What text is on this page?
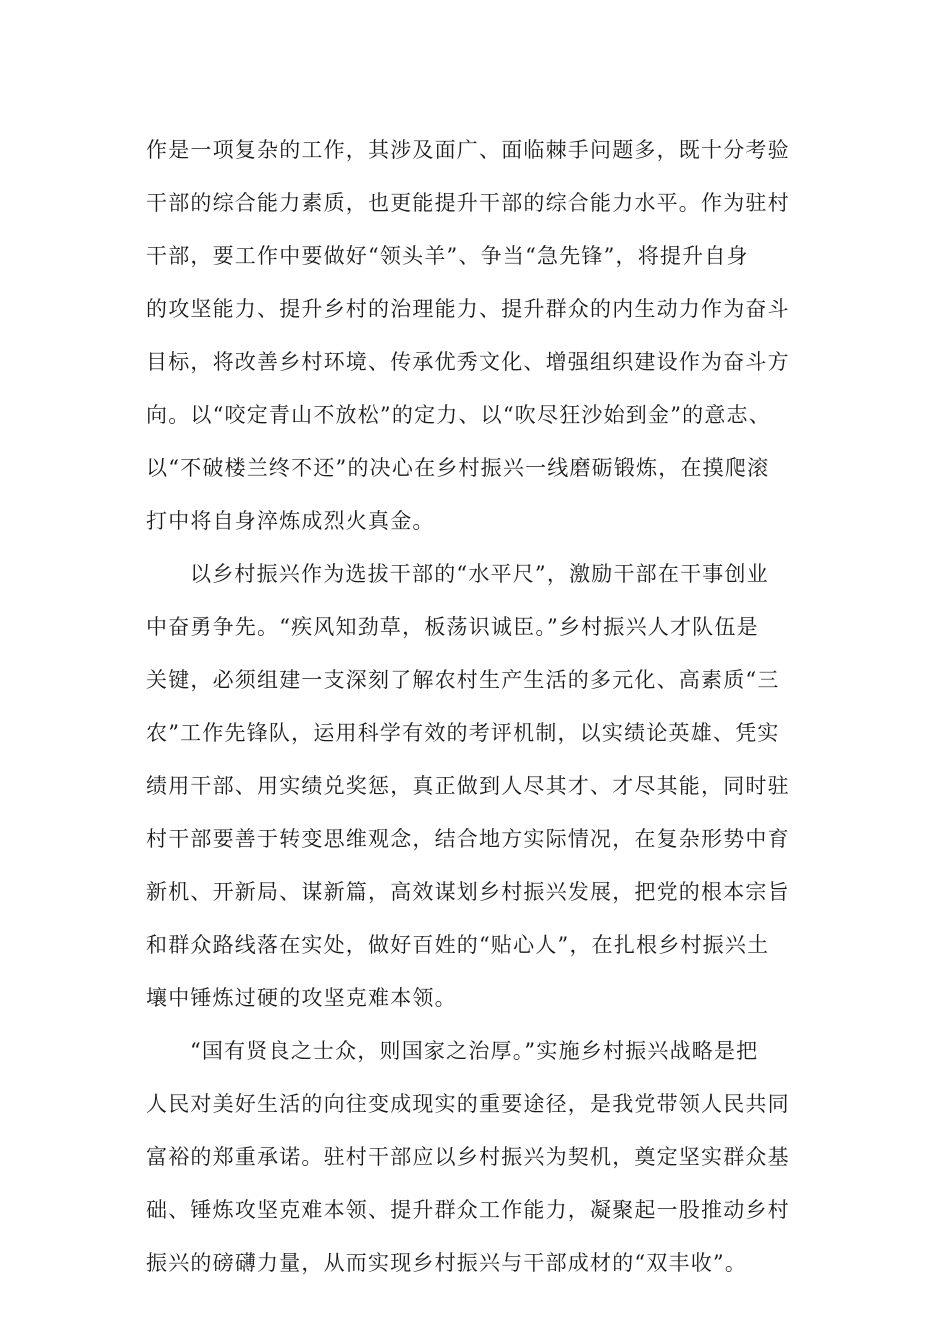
作是一项复杂的工作，其涉及面广、面临棘手问题多，既十分考验
干部的综合能力素质，也更能提升干部的综合能力水平。作为驻村
干部，要工作中要做好“领头羊”、争当“急先锋”，将提升自身
的攻坚能力、提升乡村的治理能力、提升群众的内生动力作为奋斗
目标，将改善乡村环境、传承优秀文化、增强组织建设作为奋斗方
向。以“咬定青山不放松”的定力、以“吹尽狂沙始到金”的意志、
以“不破楼兰终不还”的决心在乡村振兴一线磨砺锻炼，在摸爬滚
打中将自身淬炼成烈火真金。
以乡村振兴作为选拔干部的“水平尺”，激励干部在干事创业
中奋勇争先。“疾风知劲草，板荡识诚臣。”乡村振兴人才队伍是
关键，必须组建一支深刻了解农村生产生活的多元化、高素质“三
农”工作先锋队，运用科学有效的考评机制，以实绩论英雄、凭实
绩用干部、用实绩兑奖惩，真正做到人尽其才、才尽其能，同时驻
村干部要善于转变思维观念，结合地方实际情况，在复杂形势中育
新机、开新局、谋新篇，高效谋划乡村振兴发展，把党的根本宗旨
和群众路线落在实处，做好百姓的“贴心人”，在扎根乡村振兴土
壤中锤炼过硬的攻坚克难本领。
“国有贤良之士众，则国家之治厚。”实施乡村振兴战略是把
人民对美好生活的向往变成现实的重要途径，是我党带领人民共同
富裕的郑重承诺。驻村干部应以乡村振兴为契机，奠定坚实群众基
础、锤炼攻坚克难本领、提升群众工作能力，凝聚起一股推动乡村
振兴的磅礴力量，从而实现乡村振兴与干部成材的“双丰收”。
